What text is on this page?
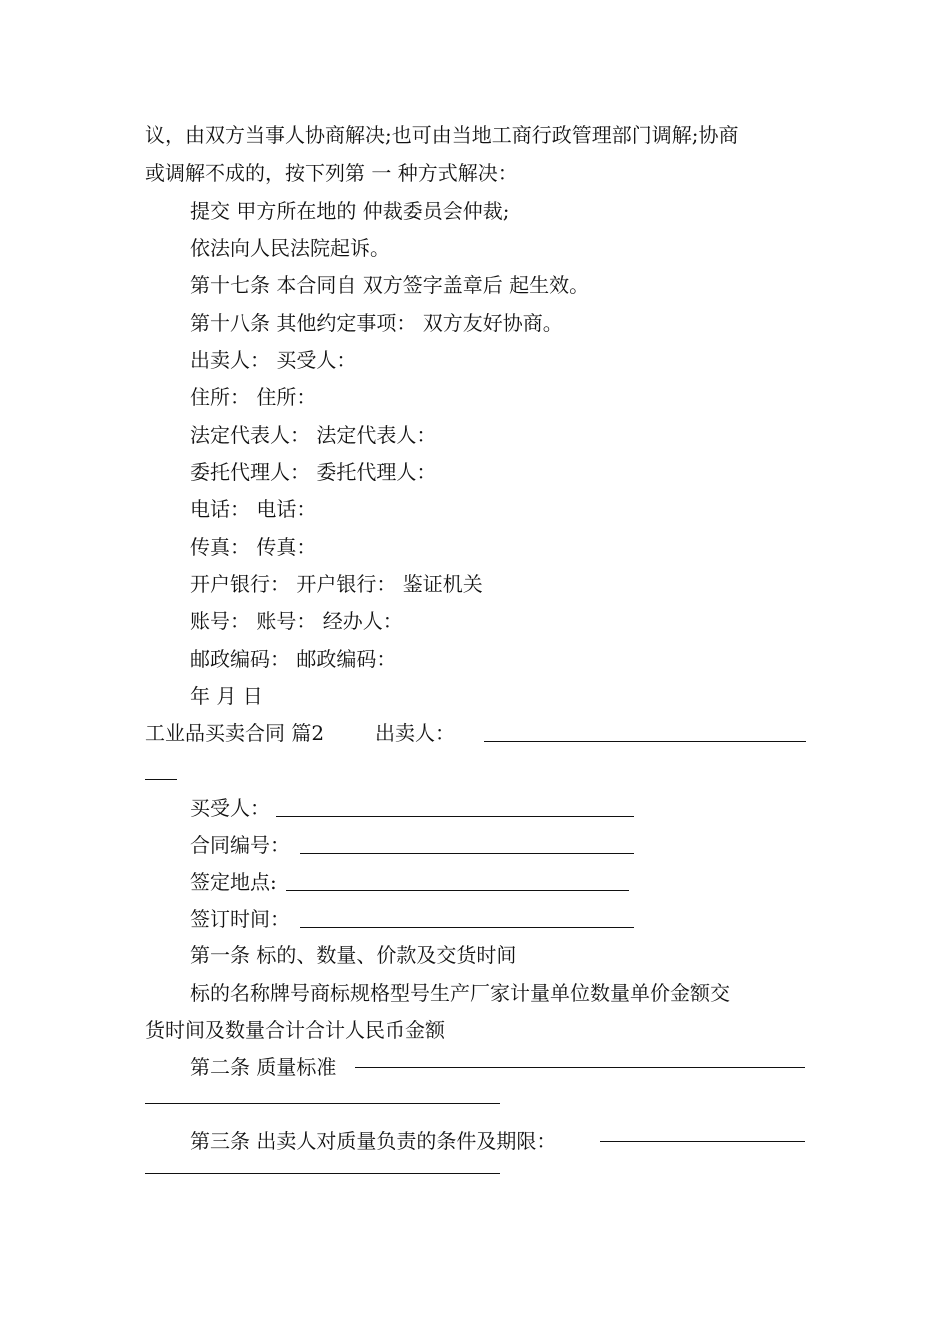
议，由双方当事人协商解决;也可由当地工商行政管理部门调解;协商

或调解不成的，按下列第 一 种方式解决：

提交 甲方所在地的 仲裁委员会仲裁;

依法向人民法院起诉。

第十七条 本合同自 双方签字盖章后 起生效。

第十八条 其他约定事项： 双方友好协商。

出卖人： 买受人：

住所： 住所：

法定代表人： 法定代表人：

委托代理人： 委托代理人：

电话： 电话：

传真： 传真：

开户银行： 开户银行： 鉴证机关

账号： 账号： 经办人：

邮政编码： 邮政编码：

年 月 日

工业品买卖合同 篇2	出卖人：

买受人：

合同编号：

签定地点:

签订时间：

第一条 标的、数量、价款及交货时间

标的名称牌号商标规格型号生产厂家计量单位数量单价金额交

货时间及数量合计合计人民币金额

第二条 质量标准

第三条 出卖人对质量负责的条件及期限：
